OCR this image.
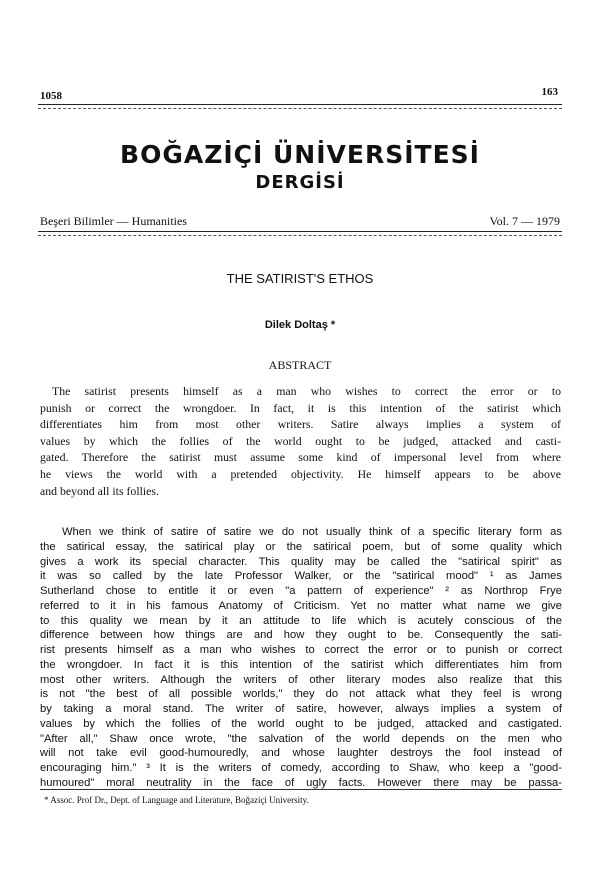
1058	163
BOĞAZİÇİ ÜNİVERSİTESİ
DERGİSİ
Beşeri Bilimler — Humanities	Vol. 7 — 1979
THE SATIRIST'S ETHOS
Dilek Doltaş *
ABSTRACT
The satirist presents himself as a man who wishes to correct the error or to
punish or correct the wrongdoer. In fact, it is this intention of the satirist which
differentiates him from most other writers. Satire always implies a system of
values by which the follies of the world ought to be judged, attacked and casti-
gated. Therefore the satirist must assume some kind of impersonal level from where
he views the world with a pretended objectivity. He himself appears to be above
and beyond all its follies.
When we think of satire of satire we do not usually think of a specific literary form as
the satirical essay, the satirical play or the satirical poem, but of some quality which
gives a work its special character. This quality may be called the "satirical spirit" as
it was so called by the late Professor Walker, or the "satirical mood" ¹ as James
Sutherland chose to entitle it or even "a pattern of experience" ² as Northrop Frye
referred to it in his famous Anatomy of Criticism. Yet no matter what name we give
to this quality we mean by it an attitude to life which is acutely conscious of the
difference between how things are and how they ought to be. Consequently the sati-
rist presents himself as a man who wishes to correct the error or to punish or correct
the wrongdoer. In fact it is this intention of the satirist which differentiates him from
most other writers. Although the writers of other literary modes also realize that this
is not "the best of all possible worlds," they do not attack what they feel is wrong
by taking a moral stand. The writer of satire, however, always implies a system of
values by which the follies of the world ought to be judged, attacked and castigated.
"After all," Shaw once wrote, "the salvation of the world depends on the men who
will not take evil good-humouredly, and whose laughter destroys the fool instead of
encouraging him." ³ It is the writers of comedy, according to Shaw, who keep a "good-
humoured" moral neutrality in the face of ugly facts. However there may be passa-
* Assoc. Prof Dr., Dept. of Language and Literature, Boğaziçi University.
